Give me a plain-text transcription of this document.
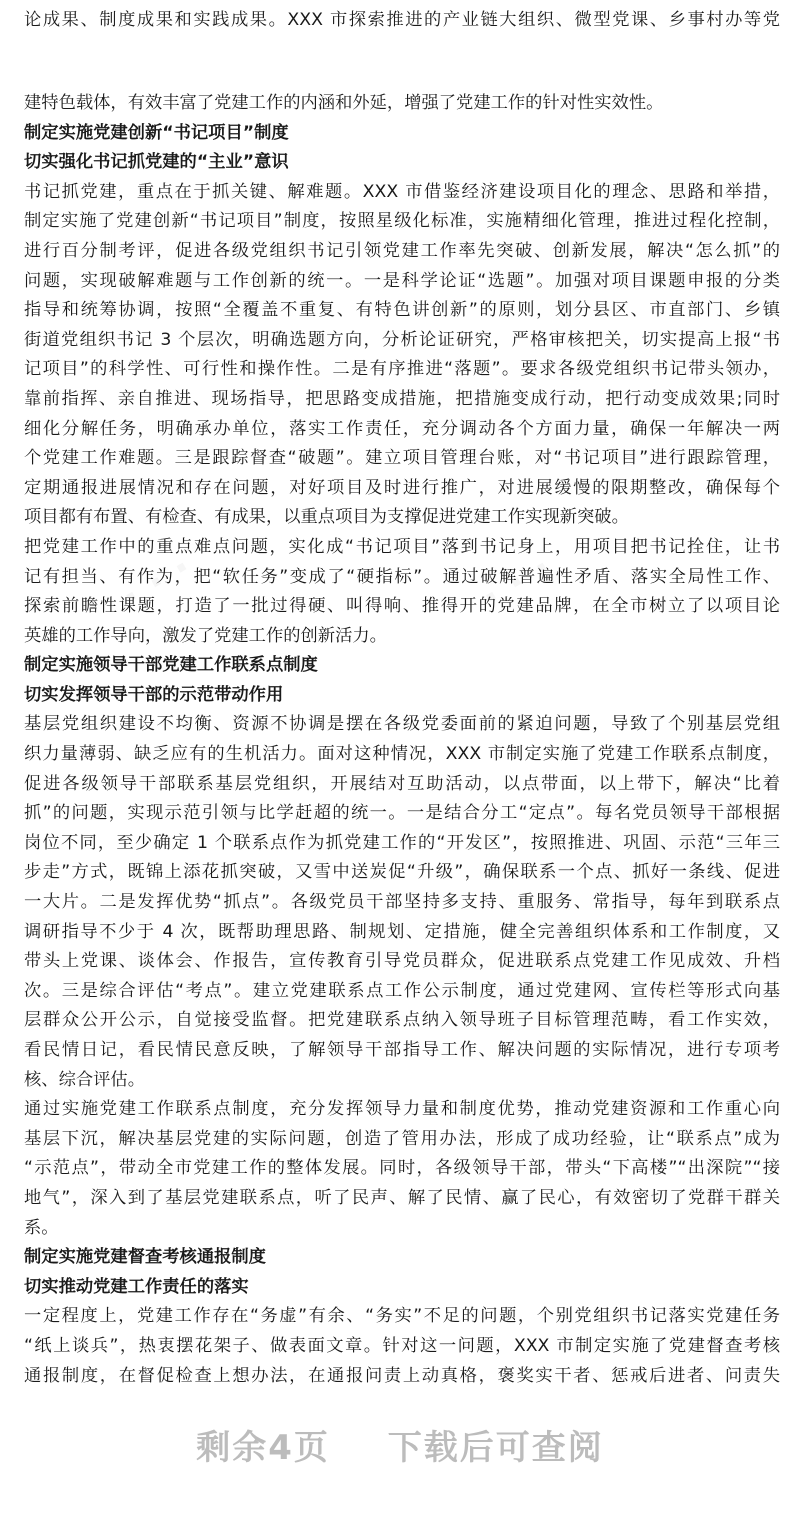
论成果、制度成果和实践成果。XXX 市探索推进的产业链大组织、微型党课、乡事村办等党
建特色载体，有效丰富了党建工作的内涵和外延，增强了党建工作的针对性实效性。
制定实施党建创新“书记项目”制度
切实强化书记抓党建的“主业”意识
书记抓党建，重点在于抓关键、解难题。XXX 市借鉴经济建设项目化的理念、思路和举措，
制定实施了党建创新“书记项目”制度，按照星级化标准，实施精细化管理，推进过程化控制，
进行百分制考评，促进各级党组织书记引领党建工作率先突破、创新发展，解决“怎么抓”的
问题，实现破解难题与工作创新的统一。一是科学论证“选题”。加强对项目课题申报的分类
指导和统筹协调，按照“全覆盖不重复、有特色讲创新”的原则，划分县区、市直部门、乡镇
街道党组织书记 3 个层次，明确选题方向，分析论证研究，严格审核把关，切实提高上报“书
记项目”的科学性、可行性和操作性。二是有序推进“落题”。要求各级党组织书记带头领办，
靠前指挥、亲自推进、现场指导，把思路变成措施，把措施变成行动，把行动变成效果;同时
细化分解任务，明确承办单位，落实工作责任，充分调动各个方面力量，确保一年解决一两
个党建工作难题。三是跟踪督查“破题”。建立项目管理台账，对“书记项目”进行跟踪管理，
定期通报进展情况和存在问题，对好项目及时进行推广，对进展缓慢的限期整改，确保每个
项目都有布置、有检查、有成果，以重点项目为支撑促进党建工作实现新突破。
把党建工作中的重点难点问题，实化成“书记项目”落到书记身上，用项目把书记拴住，让书
记有担当、有作为，把“软任务”变成了“硬指标”。通过破解普遍性矛盾、落实全局性工作、
探索前瞻性课题，打造了一批过得硬、叫得响、推得开的党建品牌，在全市树立了以项目论
英雄的工作导向，激发了党建工作的创新活力。
制定实施领导干部党建工作联系点制度
切实发挥领导干部的示范带动作用
基层党组织建设不均衡、资源不协调是摆在各级党委面前的紧迫问题，导致了个别基层党组
织力量薄弱、缺乏应有的生机活力。面对这种情况，XXX 市制定实施了党建工作联系点制度，
促进各级领导干部联系基层党组织，开展结对互助活动，以点带面，以上带下，解决“比着
抓”的问题，实现示范引领与比学赶超的统一。一是结合分工“定点”。每名党员领导干部根据
岗位不同，至少确定 1 个联系点作为抓党建工作的“开发区”，按照推进、巩固、示范“三年三
步走”方式，既锦上添花抓突破，又雪中送炭促“升级”，确保联系一个点、抓好一条线、促进
一大片。二是发挥优势“抓点”。各级党员干部坚持多支持、重服务、常指导，每年到联系点
调研指导不少于 4 次，既帮助理思路、制规划、定措施，健全完善组织体系和工作制度，又
带头上党课、谈体会、作报告，宣传教育引导党员群众，促进联系点党建工作见成效、升档
次。三是综合评估“考点”。建立党建联系点工作公示制度，通过党建网、宣传栏等形式向基
层群众公开公示，自觉接受监督。把党建联系点纳入领导班子目标管理范畴，看工作实效，
看民情日记，看民情民意反映，了解领导干部指导工作、解决问题的实际情况，进行专项考
核、综合评估。
通过实施党建工作联系点制度，充分发挥领导力量和制度优势，推动党建资源和工作重心向
基层下沉，解决基层党建的实际问题，创造了管用办法，形成了成功经验，让“联系点”成为
“示范点”，带动全市党建工作的整体发展。同时，各级领导干部，带头“下高楼”“出深院”“接
地气”，深入到了基层党建联系点，听了民声、解了民情、赢了民心，有效密切了党群干群关
系。
制定实施党建督查考核通报制度
切实推动党建工作责任的落实
一定程度上，党建工作存在“务虚”有余、“务实”不足的问题，个别党组织书记落实党建任务
“纸上谈兵”，热衷摆花架子、做表面文章。针对这一问题，XXX 市制定实施了党建督查考核
通报制度，在督促检查上想办法，在通报问责上动真格，褒奖实干者、惩戒后进者、问责失
剩余4页 下载后可查阅
